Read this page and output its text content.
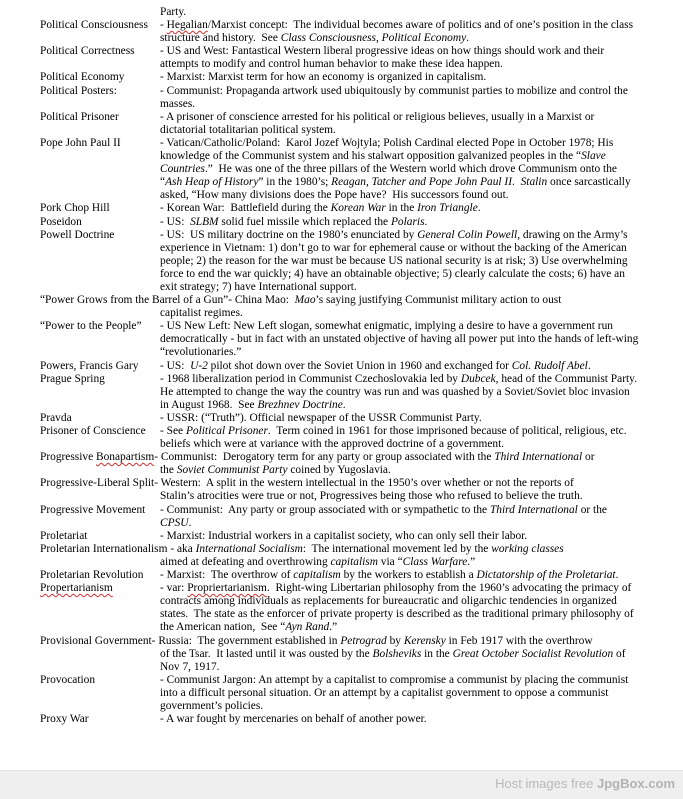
Party.
Political Consciousness	- Hegalian/Marxist concept:  The individual becomes aware of politics and of one’s position in the class structure and history.  See Class Consciousness, Political Economy.
Political Correctness	- US and West: Fantastical Western liberal progressive ideas on how things should work and their attempts to modify and control human behavior to make these idea happen.
Political Economy	- Marxist: Marxist term for how an economy is organized in capitalism.
Political Posters:	- Communist: Propaganda artwork used ubiquitously by communist parties to mobilize and control the masses.
Political Prisoner	- A prisoner of conscience arrested for his political or religious believes, usually in a Marxist or dictatorial totalitarian political system.
Pope John Paul II	- Vatican/Catholic/Poland:  Karol Jozef Wojtyla; Polish Cardinal elected Pope in October 1978; His knowledge of the Communist system and his stalwart opposition galvanized peoples in the “Slave Countries.”  He was one of the three pillars of the Western world which drove Communism onto the “Ash Heap of History” in the 1980’s; Reagan, Tatcher and Pope John Paul II.  Stalin once sarcastically asked, “How many divisions does the Pope have?  His successors found out.
Pork Chop Hill	- Korean War:  Battlefield during the Korean War in the Iron Triangle.
Poseidon	- US:  SLBM solid fuel missile which replaced the Polaris.
Powell Doctrine	- US:  US military doctrine on the 1980’s enunciated by General Colin Powell, drawing on the Army’s experience in Vietnam: 1) don’t go to war for ephemeral cause or without the backing of the American people; 2) the reason for the war must be because US national security is at risk; 3) Use overwhelming force to end the war quickly; 4) have an obtainable objective; 5) clearly calculate the costs; 6) have an exit strategy; 7) have International support.
“Power Grows from the Barrel of a Gun”- China Mao:  Mao’s saying justifying Communist military action to oust
capitalist regimes.
“Power to the People”	- US New Left: New Left slogan, somewhat enigmatic, implying a desire to have a government run democratically - but in fact with an unstated objective of having all power put into the hands of left-wing “revolutionaries.”
Powers, Francis Gary	- US:  U-2 pilot shot down over the Soviet Union in 1960 and exchanged for Col. Rudolf Abel.
Prague Spring	- 1968 liberalization period in Communist Czechoslovakia led by Dubcek, head of the Communist Party.  He attempted to change the way the country was run and was quashed by a Soviet/Soviet bloc invasion in August 1968.  See Brezhnev Doctrine.
Pravda	- USSR: (“Truth”). Official newspaper of the USSR Communist Party.
Prisoner of Conscience	- See Political Prisoner.  Term coined in 1961 for those imprisoned because of political, religious, etc. beliefs which were at variance with the approved doctrine of a government.
Progressive Bonapartism- Communist:  Derogatory term for any party or group associated with the Third International or
the Soviet Communist Party coined by Yugoslavia.
Progressive-Liberal Split- Western:  A split in the western intellectual in the 1950’s over whether or not the reports of
Stalin’s atrocities were true or not, Progressives being those who refused to believe the truth.
Progressive Movement	- Communist:  Any party or group associated with or sympathetic to the Third International or the CPSU.
Proletariat	- Marxist: Industrial workers in a capitalist society, who can only sell their labor.
Proletarian Internationalism - aka International Socialism:  The international movement led by the working classes
aimed at defeating and overthrowing capitalism via “Class Warfare.”
Proletarian Revolution	- Marxist:  The overthrow of capitalism by the workers to establish a Dictatorship of the Proletariat.
Propertarianism	- var: Propriertarianism.  Right-wing Libertarian philosophy from the 1960’s advocating the primacy of contracts among individuals as replacements for bureaucratic and oligarchic tendencies in organized states.  The state as the enforcer of private property is described as the traditional primary philosophy of the American nation,  See “Ayn Rand.”
Provisional Government- Russia:  The government established in Petrograd by Kerensky in Feb 1917 with the overthrow
of the Tsar.  It lasted until it was ousted by the Bolsheviks in the Great October Socialist Revolution of Nov 7, 1917.
Provocation	- Communist Jargon: An attempt by a capitalist to compromise a communist by placing the communist into a difficult personal situation. Or an attempt by a capitalist government to oppose a communist government’s policies.
Proxy War	- A war fought by mercenaries on behalf of another power.
Host images free JpgBox.com
